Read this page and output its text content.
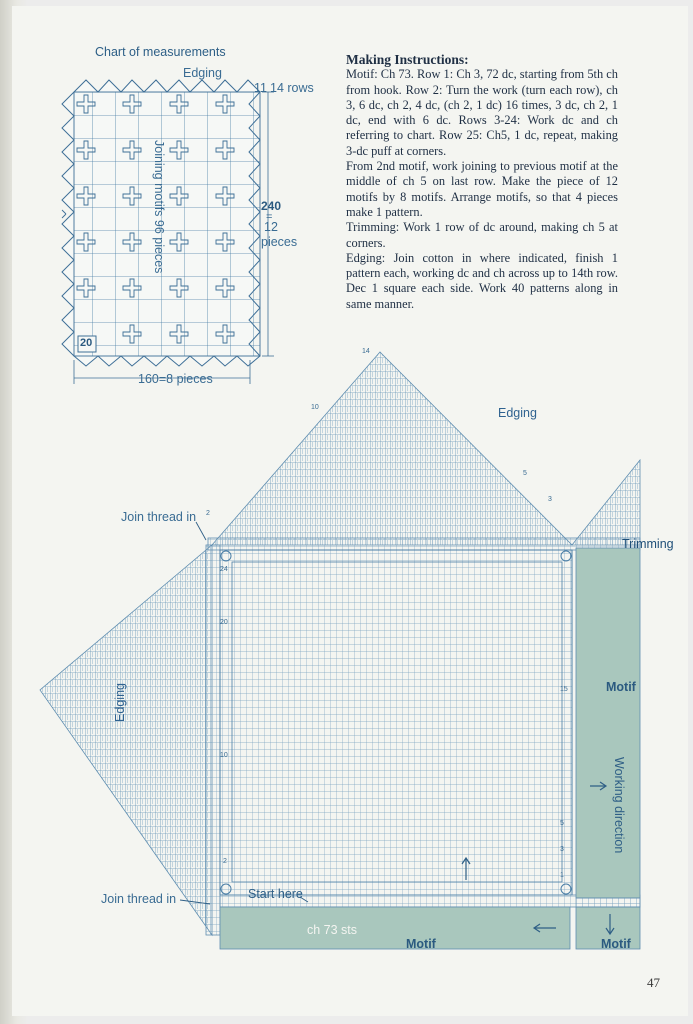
Chart of measurements
Edging
11 14 rows
Joining motifs 96 pieces	240
=
12
pieces
160=8 pieces
20
Making Instructions:

Motif: Ch 73. Row 1: Ch 3, 72 dc, starting from 5th ch from hook. Row 2: Turn the work (turn each row), ch 3, 6 dc, ch 2, 4 dc, (ch 2, 1 dc) 16 times, 3 dc, ch 2, 1 dc, end with 6 dc. Rows 3-24: Work dc and ch referring to chart. Row 25: Ch5, 1 dc, repeat, making 3-dc puff at corners.

From 2nd motif, work joining to previous motif at the middle of ch 5 on last row. Make the piece of 12 motifs by 8 motifs. Arrange motifs, so that 4 pieces make 1 pattern.

Trimming: Work 1 row of dc around, making ch 5 at corners.

Edging: Join cotton in where indicated, finish 1 pattern each, working dc and ch across up to 14th row. Dec 1 square each side. Work 40 patterns along in same manner.

Edging
Edging
Trimming
Motif
Motif	Motif
Working direction
Join thread in
Join thread in	Start here
ch 73 sts
14
10
5
3
2
24
20
10
2
15
5
3
1
47
